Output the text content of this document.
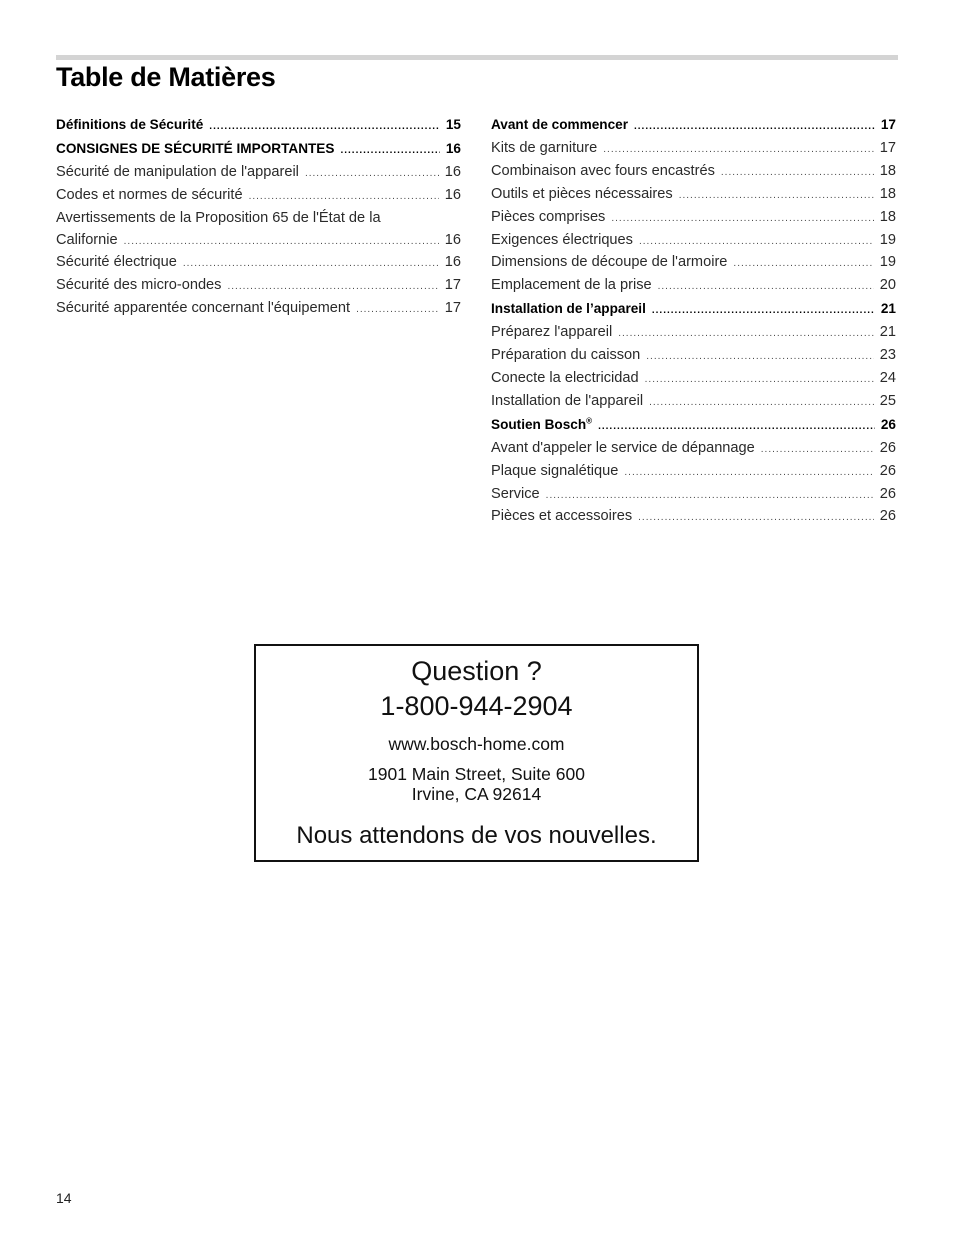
Table de Matières
Définitions de Sécurité .....	15
CONSIGNES DE SÉCURITÉ IMPORTANTES .....	16
Sécurité de manipulation de l'appareil .....	16
Codes et normes de sécurité .....	16
Avertissements de la Proposition 65 de l'État de la
Californie .....	16
Sécurité électrique .....	16
Sécurité des micro-ondes .....	17
Sécurité apparentée concernant l'équipement .....	17
Avant de commencer .....	17
Kits de garniture .....	17
Combinaison avec fours encastrés .....	18
Outils et pièces nécessaires .....	18
Pièces comprises .....	18
Exigences électriques .....	19
Dimensions de découpe de l'armoire .....	19
Emplacement de la prise .....	20
Installation de l’appareil .....	21
Préparez l'appareil .....	21
Préparation du caisson .....	23
Conecte la electricidad .....	24
Installation de l'appareil .....	25
Soutien Bosch® .....	26
Avant d'appeler le service de dépannage .....	26
Plaque signalétique .....	26
Service .....	26
Pièces et accessoires .....	26
Question ?
1-800-944-2904
www.bosch-home.com
1901 Main Street, Suite 600
Irvine, CA 92614
Nous attendons de vos nouvelles.
14
